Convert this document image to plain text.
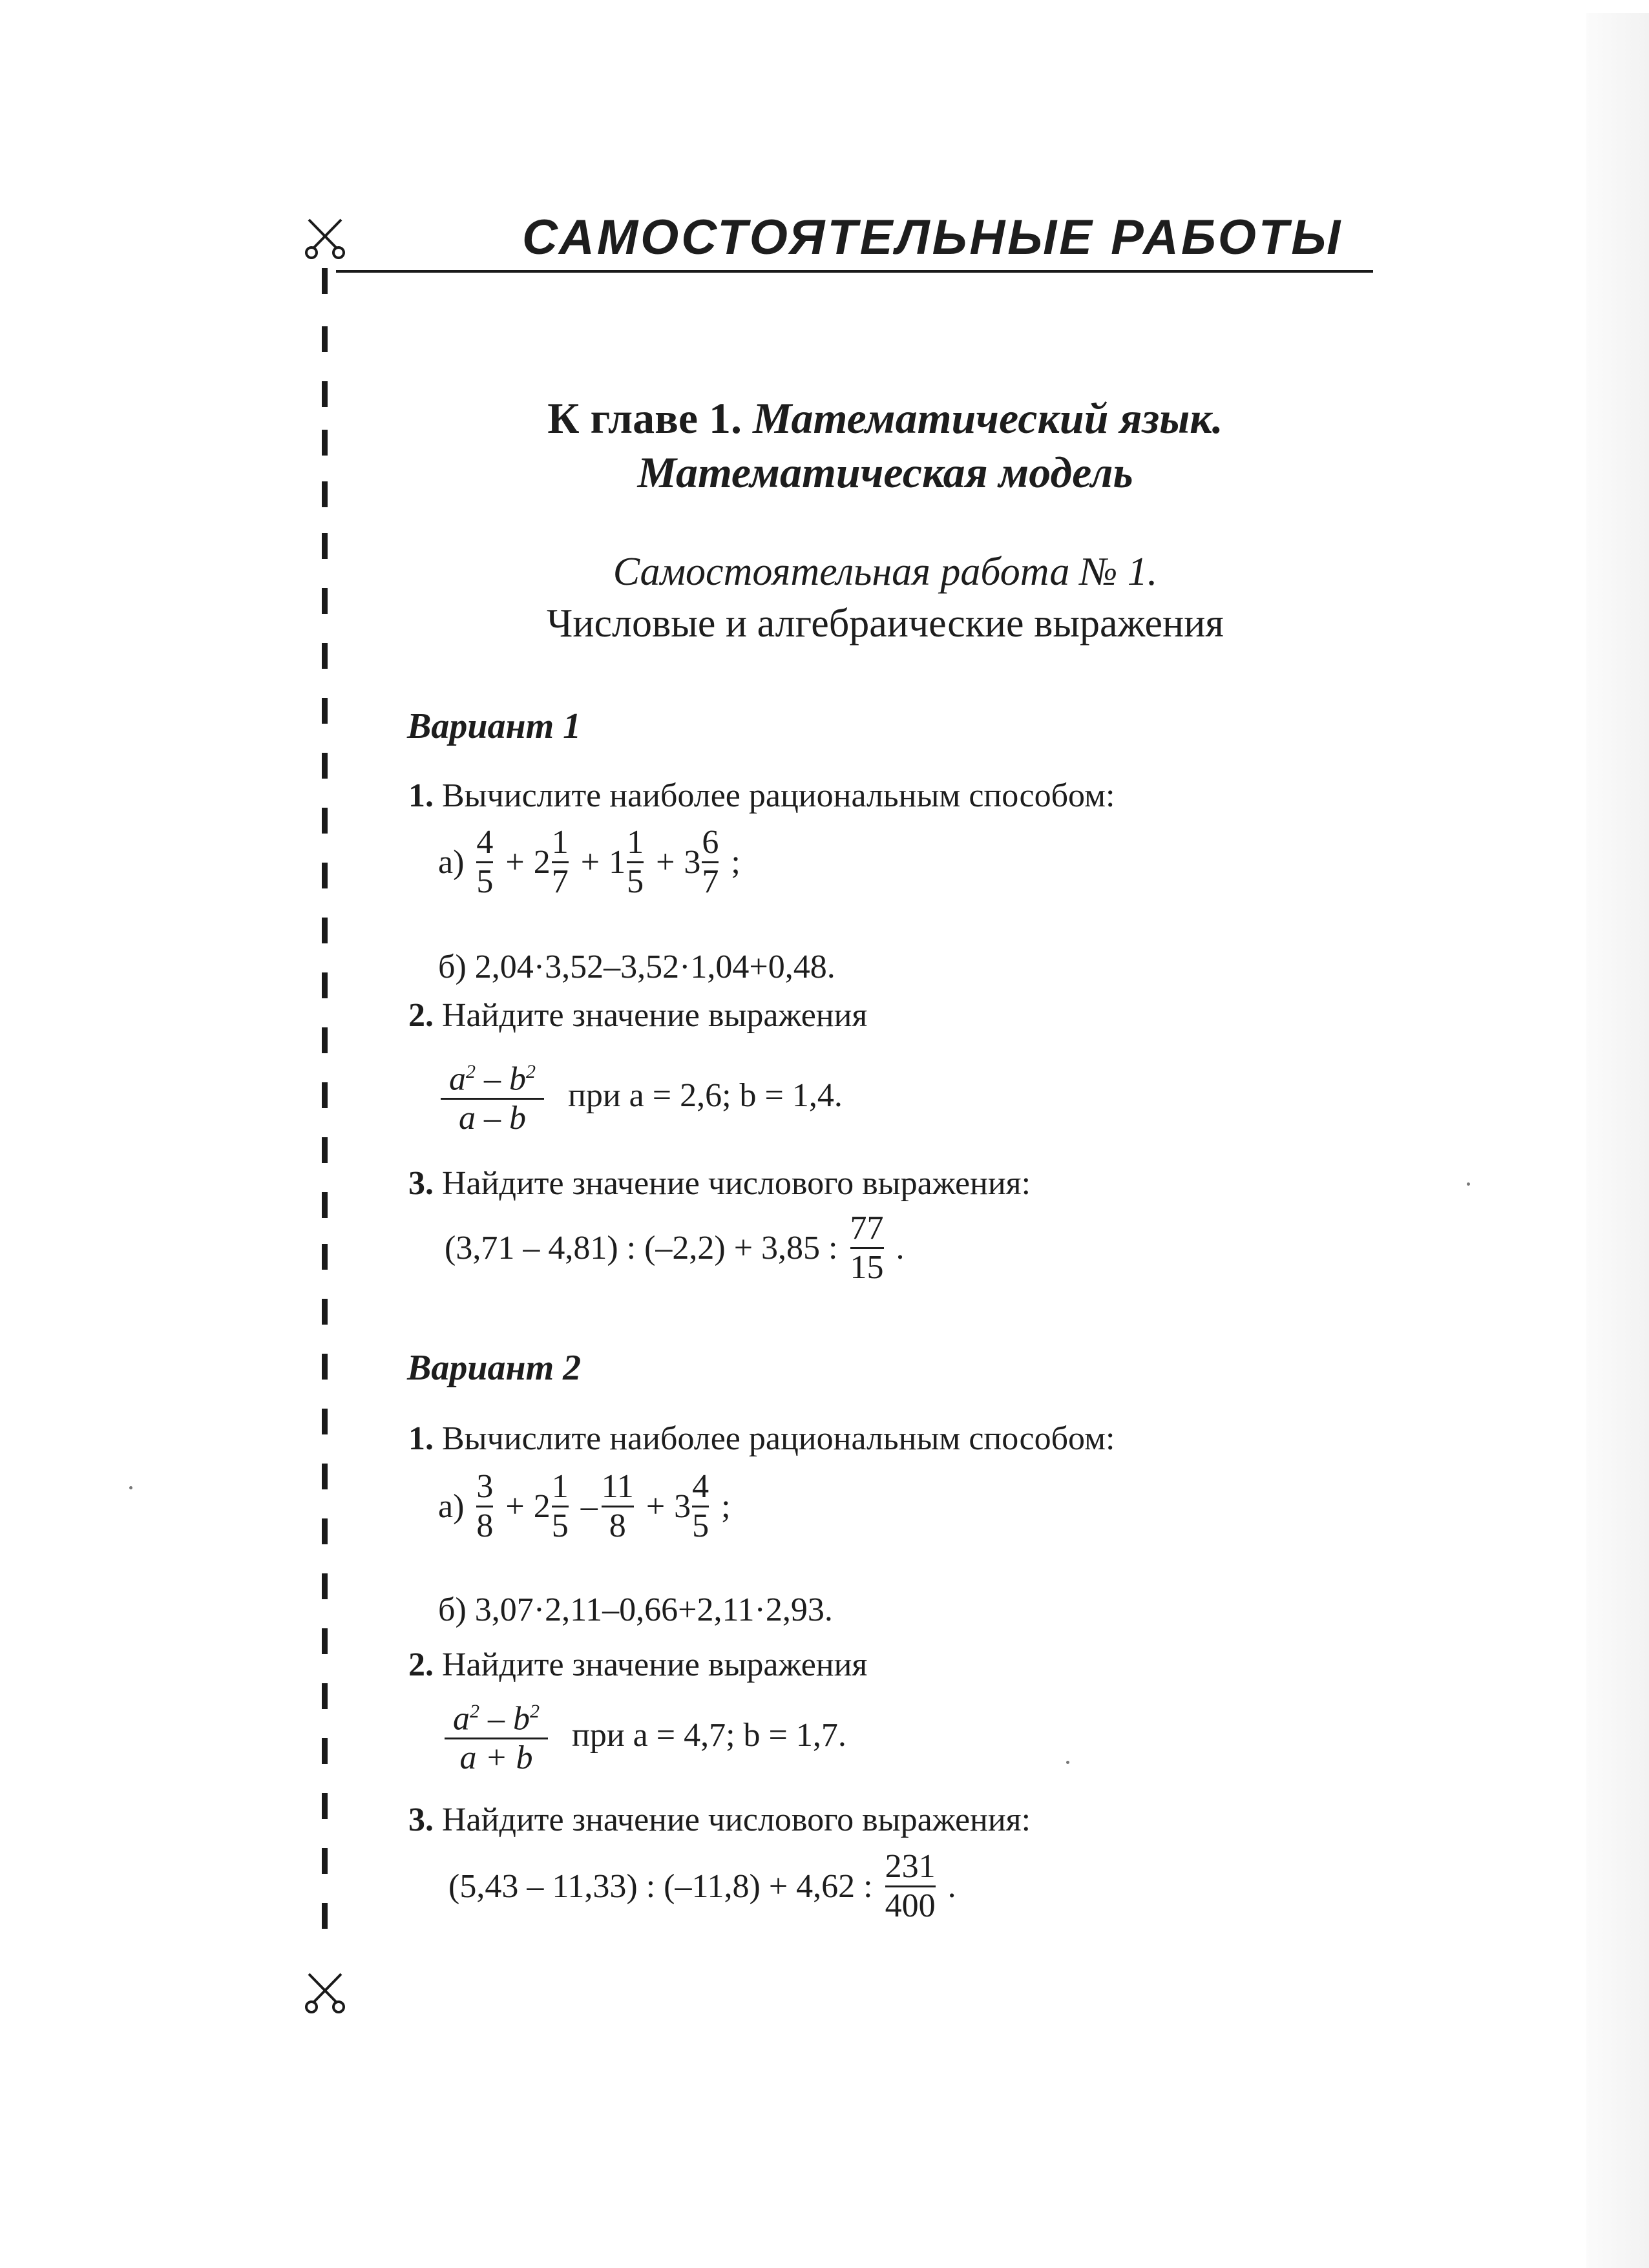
САМОСТОЯТЕЛЬНЫЕ РАБОТЫ
К главе 1. Математический язык.
Математическая модель
Самостоятельная работа № 1.
Числовые и алгебраические выражения
Вариант 1
1. Вычислите наиболее рациональным способом:
$а) \frac{4}{5} + 2 \frac{1}{7} + 1 \frac{1}{5} + 3 \frac{6}{7}$ ;
б) 2,04·3,52–3,52·1,04+0,48.
2. Найдите значение выражения
$\frac{a^2 - b^2}{a - b}$ при a = 2,6; b = 1,4.
3. Найдите значение числового выражения:
(3,71 – 4,81) : (–2,2) + 3,85 : $\frac{77}{15}$ .
Вариант 2
1. Вычислите наиболее рациональным способом:
$а) \frac{3}{8} + 2 \frac{1}{5} - \frac{11}{8} + 3 \frac{4}{5}$ ;
б) 3,07·2,11–0,66+2,11·2,93.
2. Найдите значение выражения
$\frac{a^2 - b^2}{a + b}$ при a = 4,7; b = 1,7.
3. Найдите значение числового выражения:
(5,43 – 11,33) : (–11,8) + 4,62 : $\frac{231}{400}$ .
